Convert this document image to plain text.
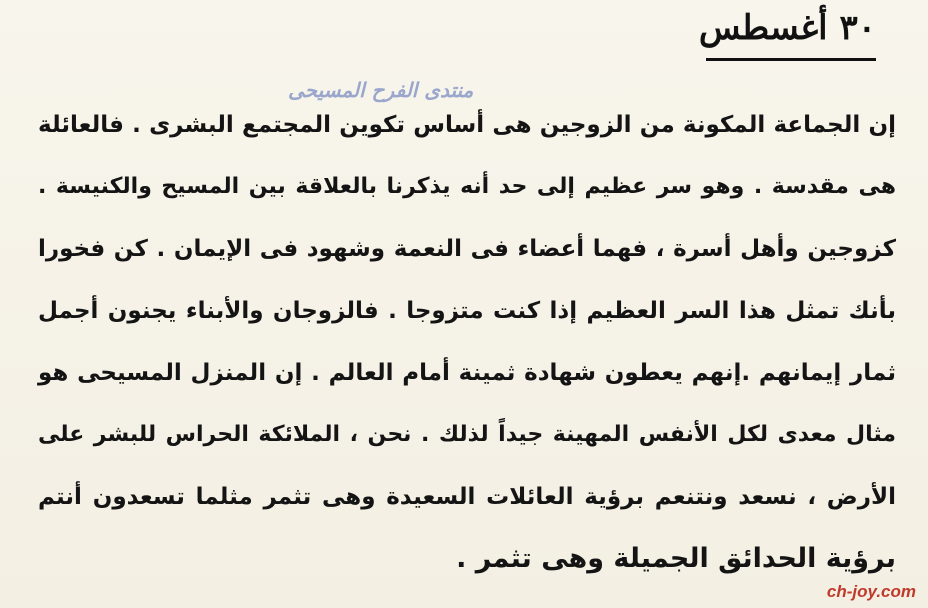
٣٠ أغسطس
منتدى الفرح المسيحى
إن الجماعة المكونة من الزوجين هى أساس تكوين المجتمع البشرى . فالعائلة
هى مقدسة . وهو سر عظيم إلى حد أنه يذكرنا بالعلاقة بين المسيح والكنيسة .
كزوجين وأهل أسرة ، فهما أعضاء فى النعمة وشهود فى الإيمان . كن فخورا
بأنك تمثل هذا السر العظيم إذا كنت متزوجا . فالزوجان والأبناء يجنون أجمل
ثمار إيمانهم .إنهم يعطون شهادة ثمينة أمام العالم . إن المنزل المسيحى هو
مثال معدى لكل الأنفس المهينة جيداً لذلك . نحن ، الملائكة الحراس للبشر على
الأرض ، نسعد ونتنعم برؤية العائلات السعيدة وهى تثمر مثلما تسعدون أنتم
برؤية الحدائق الجميلة وهى تثمر .
ch-joy.com
